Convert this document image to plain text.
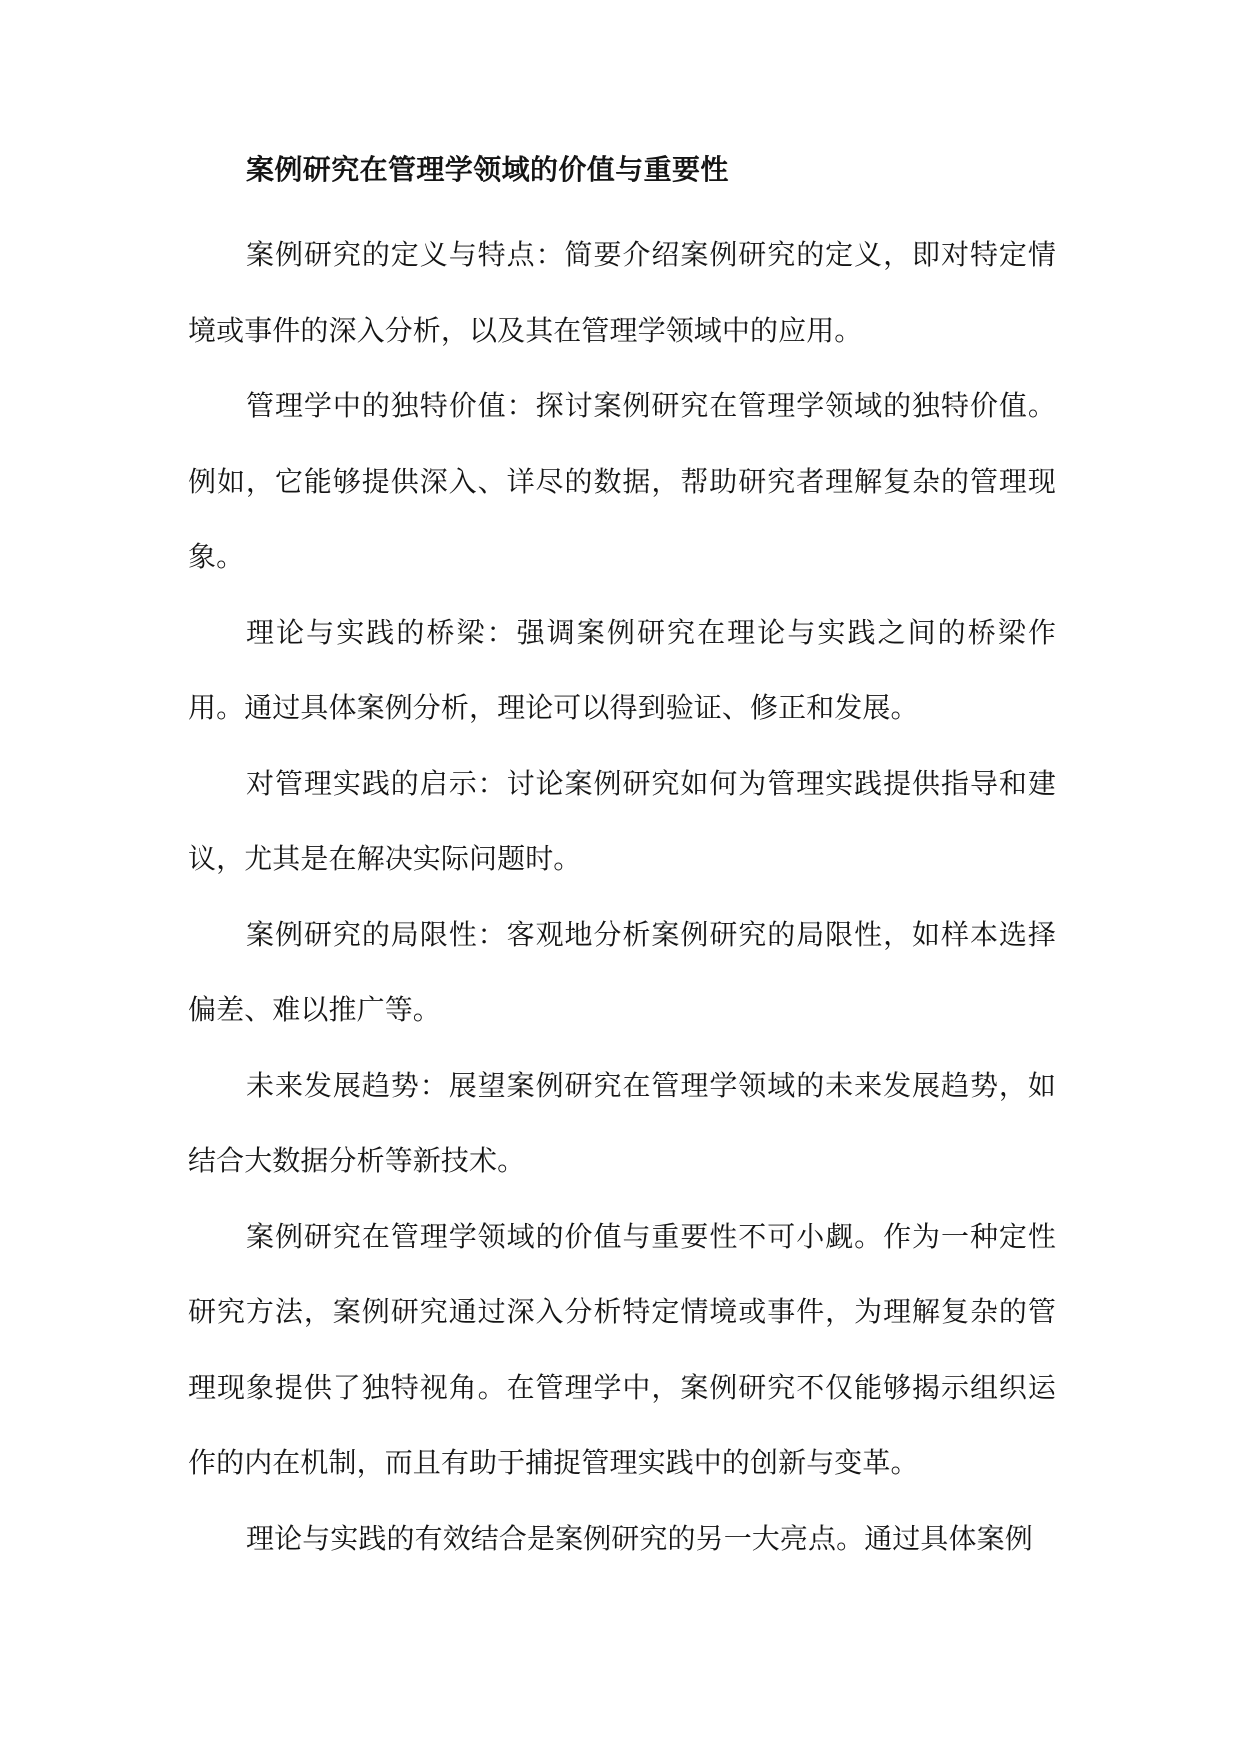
案例研究在管理学领域的价值与重要性

案例研究的定义与特点：简要介绍案例研究的定义，即对特定情境或事件的深入分析，以及其在管理学领域中的应用。

管理学中的独特价值：探讨案例研究在管理学领域的独特价值。例如，它能够提供深入、详尽的数据，帮助研究者理解复杂的管理现象。

理论与实践的桥梁：强调案例研究在理论与实践之间的桥梁作用。通过具体案例分析，理论可以得到验证、修正和发展。

对管理实践的启示：讨论案例研究如何为管理实践提供指导和建议，尤其是在解决实际问题时。

案例研究的局限性：客观地分析案例研究的局限性，如样本选择偏差、难以推广等。

未来发展趋势：展望案例研究在管理学领域的未来发展趋势，如结合大数据分析等新技术。

案例研究在管理学领域的价值与重要性不可小觑。作为一种定性研究方法，案例研究通过深入分析特定情境或事件，为理解复杂的管理现象提供了独特视角。在管理学中，案例研究不仅能够揭示组织运作的内在机制，而且有助于捕捉管理实践中的创新与变革。

理论与实践的有效结合是案例研究的另一大亮点。通过具体案例
